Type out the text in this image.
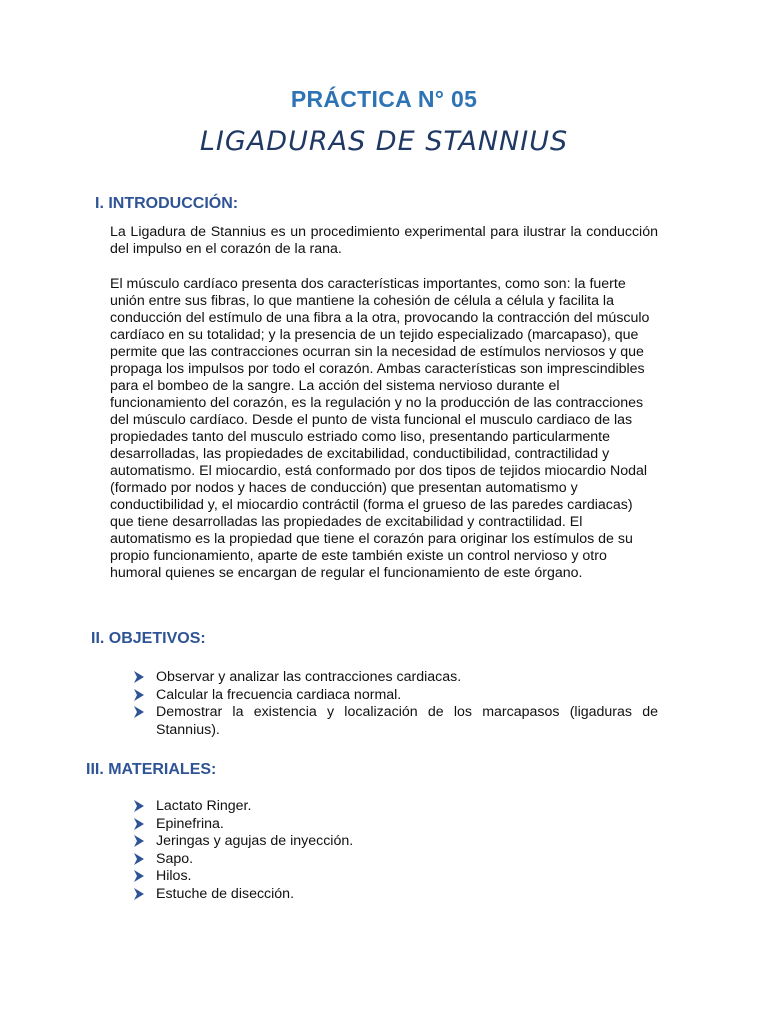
PRÁCTICA N° 05
LIGADURAS DE STANNIUS
I. INTRODUCCIÓN:
La Ligadura de Stannius es un procedimiento experimental para ilustrar la conducción del impulso en el corazón de la rana.
El músculo cardíaco presenta dos características importantes, como son: la fuerte unión entre sus fibras, lo que mantiene la cohesión de célula a célula y facilita la conducción del estímulo de una fibra a la otra, provocando la contracción del músculo cardíaco en su totalidad; y la presencia de un tejido especializado (marcapaso), que permite que las contracciones ocurran sin la necesidad de estímulos nerviosos y que propaga los impulsos por todo el corazón. Ambas características son imprescindibles para el bombeo de la sangre. La acción del sistema nervioso durante el funcionamiento del corazón, es la regulación y no la producción de las contracciones del músculo cardíaco. Desde el punto de vista funcional el musculo cardiaco de las propiedades tanto del musculo estriado como liso, presentando particularmente desarrolladas, las propiedades de excitabilidad, conductibilidad, contractilidad y automatismo. El miocardio, está conformado por dos tipos de tejidos miocardio Nodal (formado por nodos y haces de conducción) que presentan automatismo y conductibilidad y, el miocardio contráctil (forma el grueso de las paredes cardiacas) que tiene desarrolladas las propiedades de excitabilidad y contractilidad. El automatismo es la propiedad que tiene el corazón para originar los estímulos de su propio funcionamiento, aparte de este también existe un control nervioso y otro humoral quienes se encargan de regular el funcionamiento de este órgano.
II. OBJETIVOS:
Observar y analizar las contracciones cardiacas.
Calcular la frecuencia cardiaca normal.
Demostrar la existencia y localización de los marcapasos (ligaduras de Stannius).
III. MATERIALES:
Lactato Ringer.
Epinefrina.
Jeringas y agujas de inyección.
Sapo.
Hilos.
Estuche de disección.
